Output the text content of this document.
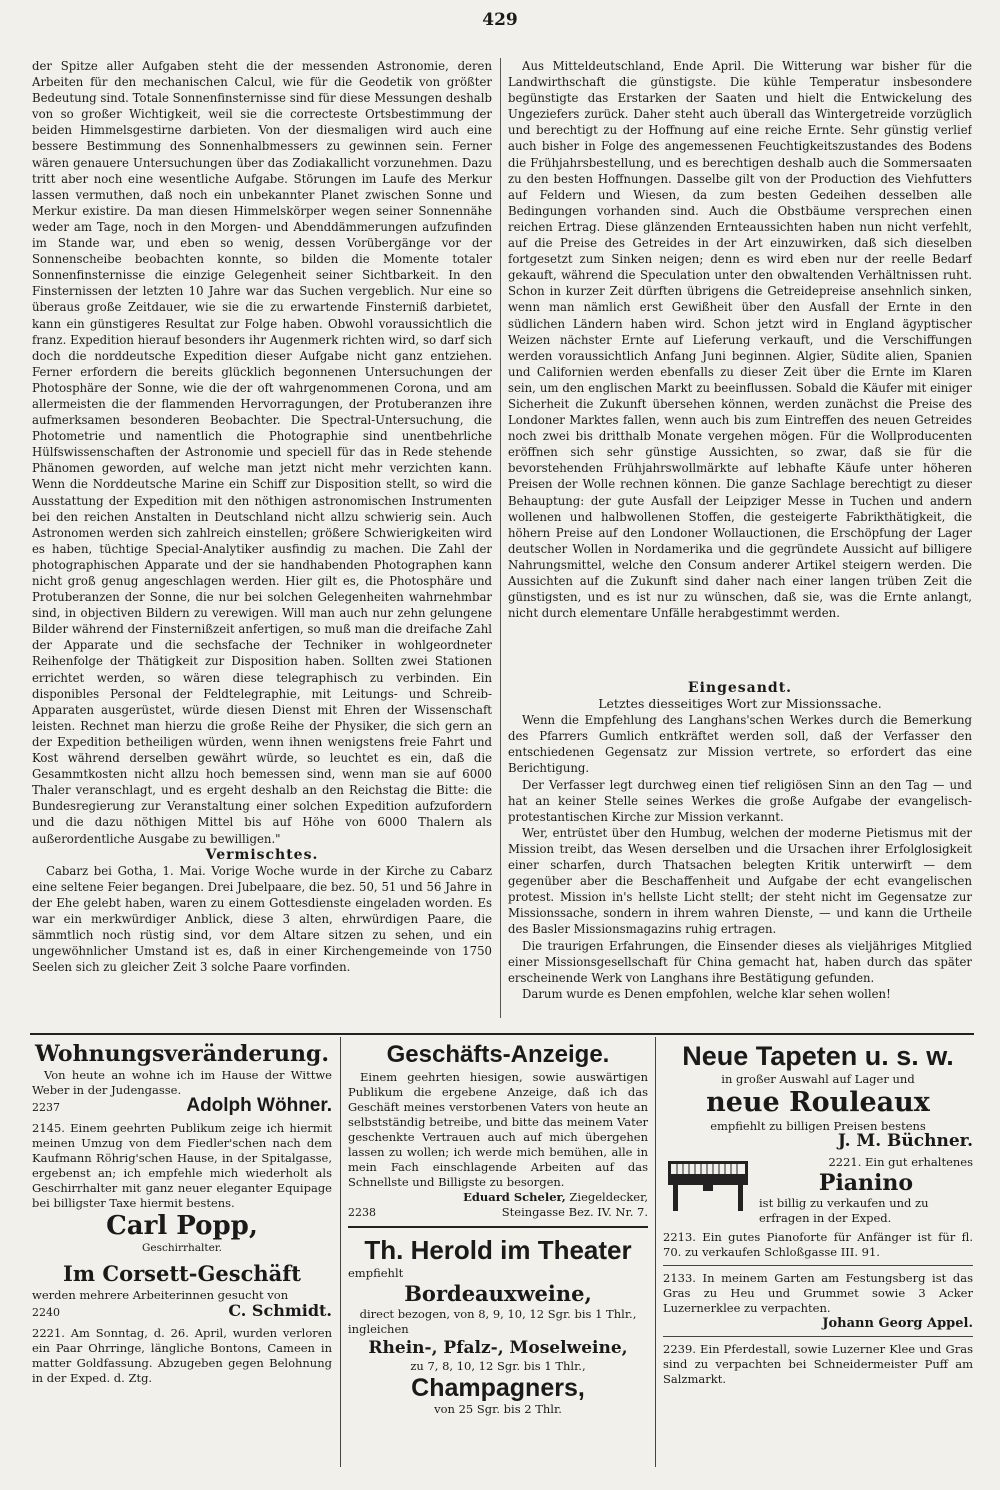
429

der Spitze aller Aufgaben steht die der messenden Astronomie, deren Arbeiten für den mechanischen Calcul, wie für die Geodetik von größter Bedeutung sind. Totale Sonnenfinsternisse sind für diese Messungen deshalb von so großer Wichtigkeit, weil sie die correcteste Ortsbestimmung der beiden Himmelsgestirne darbieten. Von der diesmaligen wird auch eine bessere Bestimmung des Sonnenhalbmessers zu gewinnen sein. Ferner wären genauere Untersuchungen über das Zodiakallicht vorzunehmen. Dazu tritt aber noch eine wesentliche Aufgabe. Störungen im Laufe des Merkur lassen vermuthen, daß noch ein unbekannter Planet zwischen Sonne und Merkur existire. Da man diesen Himmelskörper wegen seiner Sonnennähe weder am Tage, noch in den Morgen- und Abenddämmerungen aufzufinden im Stande war, und eben so wenig, dessen Vorübergänge vor der Sonnenscheibe beobachten konnte, so bilden die Momente totaler Sonnenfinsternisse die einzige Gelegenheit seiner Sichtbarkeit. In den Finsternissen der letzten 10 Jahre war das Suchen vergeblich. Nur eine so überaus große Zeitdauer, wie sie die zu erwartende Finsterniß darbietet, kann ein günstigeres Resultat zur Folge haben. Obwohl voraussichtlich die franz. Expedition hierauf besonders ihr Augenmerk richten wird, so darf sich doch die norddeutsche Expedition dieser Aufgabe nicht ganz entziehen. Ferner erfordern die bereits glücklich begonnenen Untersuchungen der Photosphäre der Sonne, wie die der oft wahrgenommenen Corona, und am allermeisten die der flammenden Hervorragungen, der Protuberanzen ihre aufmerksamen besonderen Beobachter. Die Spectral-Untersuchung, die Photometrie und namentlich die Photographie sind unentbehrliche Hülfswissenschaften der Astronomie und speciell für das in Rede stehende Phänomen geworden, auf welche man jetzt nicht mehr verzichten kann. Wenn die Norddeutsche Marine ein Schiff zur Disposition stellt, so wird die Ausstattung der Expedition mit den nöthigen astronomischen Instrumenten bei den reichen Anstalten in Deutschland nicht allzu schwierig sein. Auch Astronomen werden sich zahlreich einstellen; größere Schwierigkeiten wird es haben, tüchtige Special-Analytiker ausfindig zu machen. Die Zahl der photographischen Apparate und der sie handhabenden Photographen kann nicht groß genug angeschlagen werden. Hier gilt es, die Photosphäre und Protuberanzen der Sonne, die nur bei solchen Gelegenheiten wahrnehmbar sind, in objectiven Bildern zu verewigen. Will man auch nur zehn gelungene Bilder während der Finsternißzeit anfertigen, so muß man die dreifache Zahl der Apparate und die sechsfache der Techniker in wohlgeordneter Reihenfolge der Thätigkeit zur Disposition haben. Sollten zwei Stationen errichtet werden, so wären diese telegraphisch zu verbinden. Ein disponibles Personal der Feldtelegraphie, mit Leitungs- und Schreib-Apparaten ausgerüstet, würde diesen Dienst mit Ehren der Wissenschaft leisten. Rechnet man hierzu die große Reihe der Physiker, die sich gern an der Expedition betheiligen würden, wenn ihnen wenigstens freie Fahrt und Kost während derselben gewährt würde, so leuchtet es ein, daß die Gesammtkosten nicht allzu hoch bemessen sind, wenn man sie auf 6000 Thaler veranschlagt, und es ergeht deshalb an den Reichstag die Bitte: die Bundesregierung zur Veranstaltung einer solchen Expedition aufzufordern und die dazu nöthigen Mittel bis auf Höhe von 6000 Thalern als außerordentliche Ausgabe zu bewilligen."

Vermischtes.

Cabarz bei Gotha, 1. Mai. Vorige Woche wurde in der Kirche zu Cabarz eine seltene Feier begangen. Drei Jubelpaare, die bez. 50, 51 und 56 Jahre in der Ehe gelebt haben, waren zu einem Gottesdienste eingeladen worden. Es war ein merkwürdiger Anblick, diese 3 alten, ehrwürdigen Paare, die sämmtlich noch rüstig sind, vor dem Altare sitzen zu sehen, und ein ungewöhnlicher Umstand ist es, daß in einer Kirchengemeinde von 1750 Seelen sich zu gleicher Zeit 3 solche Paare vorfinden.

Aus Mitteldeutschland, Ende April. Die Witterung war bisher für die Landwirthschaft die günstigste. Die kühle Temperatur insbesondere begünstigte das Erstarken der Saaten und hielt die Entwickelung des Ungeziefers zurück. Daher steht auch überall das Wintergetreide vorzüglich und berechtigt zu der Hoffnung auf eine reiche Ernte. Sehr günstig verlief auch bisher in Folge des angemessenen Feuchtigkeitszustandes des Bodens die Frühjahrsbestellung, und es berechtigen deshalb auch die Sommersaaten zu den besten Hoffnungen. Dasselbe gilt von der Production des Viehfutters auf Feldern und Wiesen, da zum besten Gedeihen desselben alle Bedingungen vorhanden sind. Auch die Obstbäume versprechen einen reichen Ertrag. Diese glänzenden Ernteaussichten haben nun nicht verfehlt, auf die Preise des Getreides in der Art einzuwirken, daß sich dieselben fortgesetzt zum Sinken neigen; denn es wird eben nur der reelle Bedarf gekauft, während die Speculation unter den obwaltenden Verhältnissen ruht. Schon in kurzer Zeit dürften übrigens die Getreidepreise ansehnlich sinken, wenn man nämlich erst Gewißheit über den Ausfall der Ernte in den südlichen Ländern haben wird. Schon jetzt wird in England ägyptischer Weizen nächster Ernte auf Lieferung verkauft, und die Verschiffungen werden voraussichtlich Anfang Juni beginnen. Algier, Südite alien, Spanien und Californien werden ebenfalls zu dieser Zeit über die Ernte im Klaren sein, um den englischen Markt zu beeinflussen. Sobald die Käufer mit einiger Sicherheit die Zukunft übersehen können, werden zunächst die Preise des Londoner Marktes fallen, wenn auch bis zum Eintreffen des neuen Getreides noch zwei bis dritthalb Monate vergehen mögen. Für die Wollproducenten eröffnen sich sehr günstige Aussichten, so zwar, daß sie für die bevorstehenden Frühjahrswollmärkte auf lebhafte Käufe unter höheren Preisen der Wolle rechnen können. Die ganze Sachlage berechtigt zu dieser Behauptung: der gute Ausfall der Leipziger Messe in Tuchen und andern wollenen und halbwollenen Stoffen, die gesteigerte Fabrikthätigkeit, die höhern Preise auf den Londoner Wollauctionen, die Erschöpfung der Lager deutscher Wollen in Nordamerika und die gegründete Aussicht auf billigere Nahrungsmittel, welche den Consum anderer Artikel steigern werden. Die Aussichten auf die Zukunft sind daher nach einer langen trüben Zeit die günstigsten, und es ist nur zu wünschen, daß sie, was die Ernte anlangt, nicht durch elementare Unfälle herabgestimmt werden.

Eingesandt.

Letztes diesseitiges Wort zur Missionssache.

Wenn die Empfehlung des Langhans'schen Werkes durch die Bemerkung des Pfarrers Gumlich entkräftet werden soll, daß der Verfasser den entschiedenen Gegensatz zur Mission vertrete, so erfordert das eine Berichtigung.

Der Verfasser legt durchweg einen tief religiösen Sinn an den Tag — und hat an keiner Stelle seines Werkes die große Aufgabe der evangelisch-protestantischen Kirche zur Mission verkannt.

Wer, entrüstet über den Humbug, welchen der moderne Pietismus mit der Mission treibt, das Wesen derselben und die Ursachen ihrer Erfolglosigkeit einer scharfen, durch Thatsachen belegten Kritik unterwirft — dem gegenüber aber die Beschaffenheit und Aufgabe der echt evangelischen protest. Mission in's hellste Licht stellt; der steht nicht im Gegensatze zur Missionssache, sondern in ihrem wahren Dienste, — und kann die Urtheile des Basler Missionsmagazins ruhig ertragen.

Die traurigen Erfahrungen, die Einsender dieses als vieljähriges Mitglied einer Missionsgesellschaft für China gemacht hat, haben durch das später erscheinende Werk von Langhans ihre Bestätigung gefunden.

Darum wurde es Denen empfohlen, welche klar sehen wollen!

Wohnungsveränderung.
Von heute an wohne ich im Hause der Wittwe Weber in der Judengasse.
2237	Adolph Wöhner.
2145. Einem geehrten Publikum zeige ich hiermit meinen Umzug von dem Fiedler'schen nach dem Kaufmann Röhrig'schen Hause, in der Spitalgasse, ergebenst an; ich empfehle mich wiederholt als Geschirrhalter mit ganz neuer eleganter Equipage bei billigster Taxe hiermit bestens.
Carl Popp,
Geschirrhalter.
Im Corsett-Geschäft
werden mehrere Arbeiterinnen gesucht von
2240	C. Schmidt.
2221. Am Sonntag, d. 26. April, wurden verloren ein Paar Ohrringe, längliche Bontons, Cameen in matter Goldfassung. Abzugeben gegen Belohnung in der Exped. d. Ztg.
Geschäfts-Anzeige.
Einem geehrten hiesigen, sowie auswärtigen Publikum die ergebene Anzeige, daß ich das Geschäft meines verstorbenen Vaters von heute an selbstständig betreibe, und bitte das meinem Vater geschenkte Vertrauen auch auf mich übergehen lassen zu wollen; ich werde mich bemühen, alle in mein Fach einschlagende Arbeiten auf das Schnellste und Billigste zu besorgen.
Eduard Scheler, Ziegeldecker,
2238	Steingasse Bez. IV. Nr. 7.
Th. Herold im Theater
empfiehlt
Bordeauxweine,
direct bezogen, von 8, 9, 10, 12 Sgr. bis 1 Thlr.,
ingleichen
Rhein-, Pfalz-, Moselweine,
zu 7, 8, 10, 12 Sgr. bis 1 Thlr.,
Champagners,
von 25 Sgr. bis 2 Thlr.
Neue Tapeten u. s. w.
in großer Auswahl auf Lager und
neue Rouleaux
empfiehlt zu billigen Preisen bestens
J. M. Büchner.
2221. Ein gut erhaltenes
Pianino
ist billig zu verkaufen und zu erfragen in der Exped.
2213. Ein gutes Pianoforte für Anfänger ist für fl. 70. zu verkaufen Schloßgasse III. 91.
2133. In meinem Garten am Festungsberg ist das Gras zu Heu und Grummet sowie 3 Acker Luzernerklee zu verpachten.
Johann Georg Appel.
2239. Ein Pferdestall, sowie Luzerner Klee und Gras sind zu verpachten bei Schneidermeister Puff am Salzmarkt.
